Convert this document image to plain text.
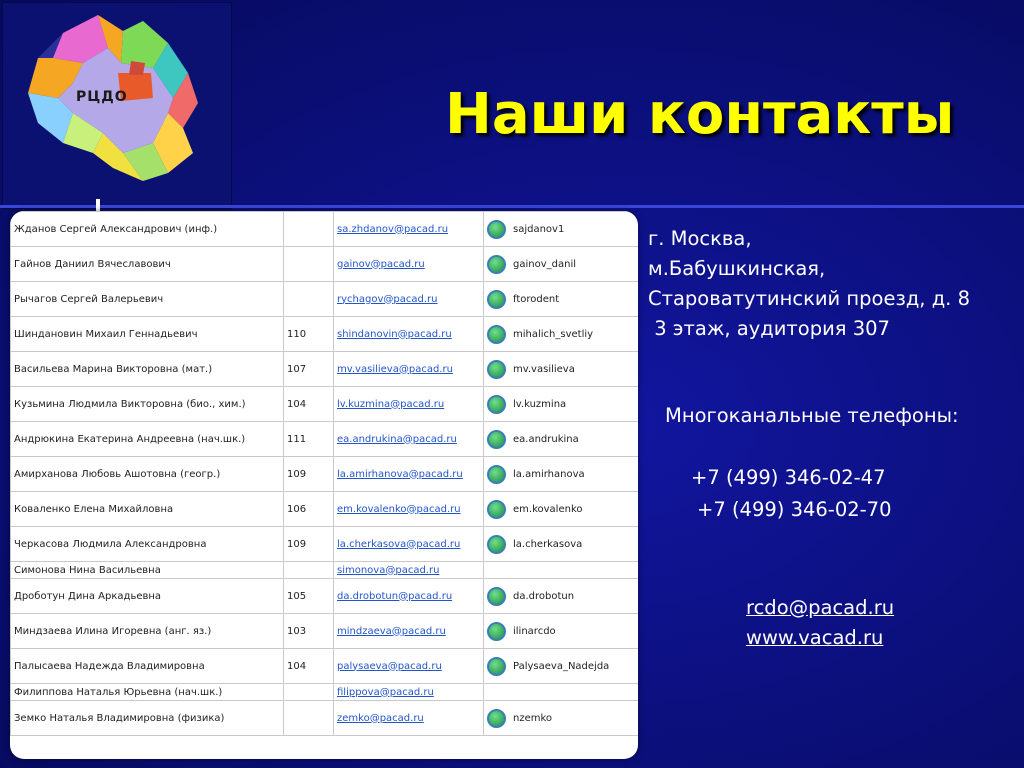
РЦДО	Наши контакты
Жданов Сергей Александрович (инф.)		sa.zhdanov@pacad.ru	sajdanov1

Гайнов Даниил Вячеславович		gainov@pacad.ru	gainov_danil

Рычагов Сергей Валерьевич		rychagov@pacad.ru	ftorodent

Шиндановин Михаил Геннадьевич	110	shindanovin@pacad.ru	mihalich_svetliy

Васильева Марина Викторовна (мат.)	107	mv.vasilieva@pacad.ru	mv.vasilieva

Кузьмина Людмила Викторовна (био., хим.)	104	lv.kuzmina@pacad.ru	lv.kuzmina

Андрюкина Екатерина Андреевна (нач.шк.)	111	ea.andrukina@pacad.ru	ea.andrukina

Амирханова Любовь Ашотовна (геогр.)	109	la.amirhanova@pacad.ru	la.amirhanova

Коваленко Елена Михайловна	106	em.kovalenko@pacad.ru	em.kovalenko

Черкасова Людмила Александровна	109	la.cherkasova@pacad.ru	la.cherkasova

Симонова Нина Васильевна		simonova@pacad.ru	
Дроботун Дина Аркадьевна	105	da.drobotun@pacad.ru	da.drobotun

Миндзаева Илина Игоревна (анг. яз.)	103	mindzaeva@pacad.ru	ilinarcdo

Палысаева Надежда Владимировна	104	palysaeva@pacad.ru	Palysaeva_Nadejda

Филиппова Наталья Юрьевна (нач.шк.)		filippova@pacad.ru	
Земко Наталья Владимировна (физика)		zemko@pacad.ru	nzemko
г. Москва,
м.Бабушкинская,
Староватутинский проезд, д. 8
3 этаж, аудитория 307
Многоканальные телефоны:
+7 (499) 346-02-47
+7 (499) 346-02-70
rcdo@pacad.ru
www.vacad.ru
